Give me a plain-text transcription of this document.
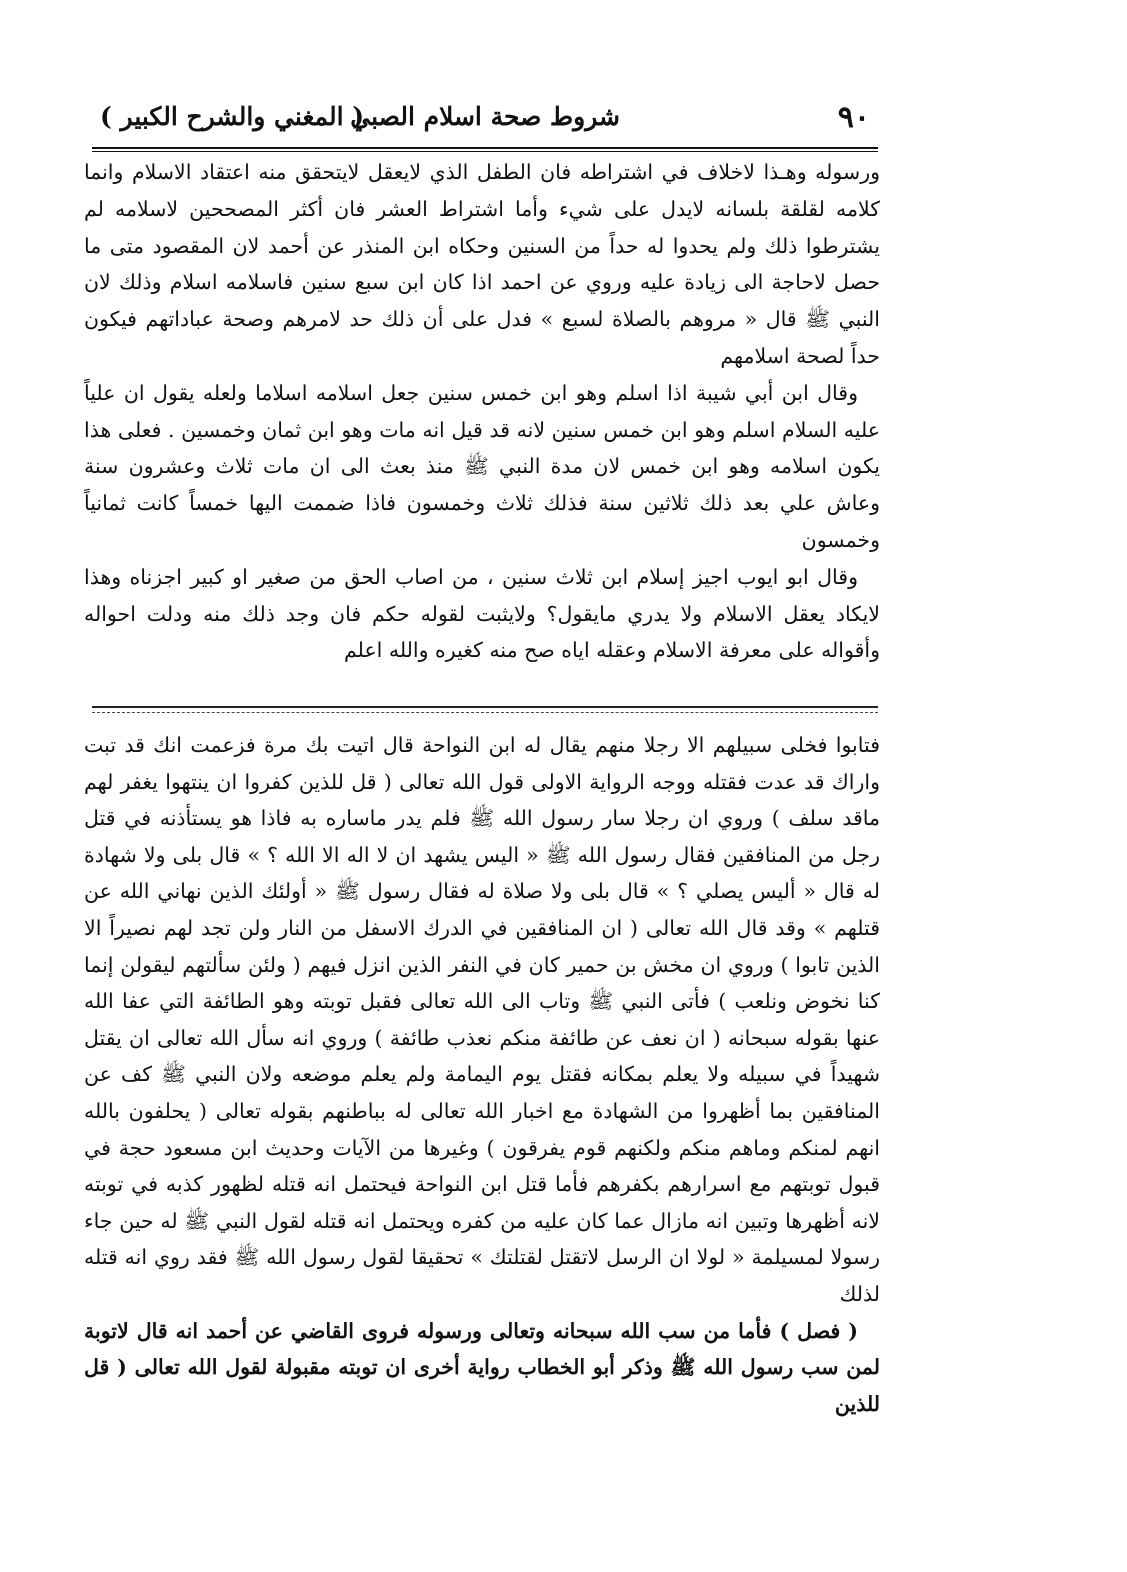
٩٠
شروط صحة اسلام الصبي
( المغني والشرح الكبير )

ورسوله وهـذا لاخلاف في اشتراطه فان الطفل الذي لايعقل لايتحقق منه اعتقاد الاسلام وانما كلامه لقلقة بلسانه لايدل على شيء وأما اشتراط العشر فان أكثر المصححين لاسلامه لم يشترطوا ذلك ولم يحدوا له حداً من السنين وحكاه ابن المنذر عن أحمد لان المقصود متى ما حصل لاحاجة الى زيادة عليه وروي عن احمد اذا كان ابن سبع سنين فاسلامه اسلام وذلك لان النبي ﷺ قال « مروهم بالصلاة لسبع » فدل على أن ذلك حد لامرهم وصحة عباداتهم فيكون حداً لصحة اسلامهم

وقال ابن أبي شيبة اذا اسلم وهو ابن خمس سنين جعل اسلامه اسلاما ولعله يقول ان علياً عليه السلام اسلم وهو ابن خمس سنين لانه قد قيل انه مات وهو ابن ثمان وخمسين . فعلى هذا يكون اسلامه وهو ابن خمس لان مدة النبي ﷺ منذ بعث الى ان مات ثلاث وعشرون سنة وعاش علي بعد ذلك ثلاثين سنة فذلك ثلاث وخمسون فاذا ضممت اليها خمساً كانت ثمانياً وخمسون

وقال ابو ايوب اجيز إسلام ابن ثلاث سنين ، من اصاب الحق من صغير او كبير اجزناه وهذا لايكاد يعقل الاسلام ولا يدري مايقول؟ ولايثبت لقوله حكم فان وجد ذلك منه ودلت احواله وأقواله على معرفة الاسلام وعقله اياه صح منه كغيره والله اعلم

فتابوا فخلى سبيلهم الا رجلا منهم يقال له ابن النواحة قال اتيت بك مرة فزعمت انك قد تبت واراك قد عدت فقتله ووجه الرواية الاولى قول الله تعالى ( قل للذين كفروا ان ينتهوا يغفر لهم ماقد سلف ) وروي ان رجلا سار رسول الله ﷺ فلم يدر ماساره به فاذا هو يستأذنه في قتل رجل من المنافقين فقال رسول الله ﷺ « اليس يشهد ان لا اله الا الله ؟ » قال بلى ولا شهادة له قال « أليس يصلي ؟ » قال بلى ولا صلاة له فقال رسول ﷺ « أولئك الذين نهاني الله عن قتلهم » وقد قال الله تعالى ( ان المنافقين في الدرك الاسفل من النار ولن تجد لهم نصيراً الا الذين تابوا ) وروي ان مخش بن حمير كان في النفر الذين انزل فيهم ( ولئن سألتهم ليقولن إنما كنا نخوض ونلعب ) فأتى النبي ﷺ وتاب الى الله تعالى فقبل توبته وهو الطائفة التي عفا الله عنها بقوله سبحانه ( ان نعف عن طائفة منكم نعذب طائفة ) وروي انه سأل الله تعالى ان يقتل شهيداً في سبيله ولا يعلم بمكانه فقتل يوم اليمامة ولم يعلم موضعه ولان النبي ﷺ كف عن المنافقين بما أظهروا من الشهادة مع اخبار الله تعالى له بباطنهم بقوله تعالى ( يحلفون بالله انهم لمنكم وماهم منكم ولكنهم قوم يفرقون ) وغيرها من الآيات وحديث ابن مسعود حجة في قبول توبتهم مع اسرارهم بكفرهم فأما قتل ابن النواحة فيحتمل انه قتله لظهور كذبه في توبته لانه أظهرها وتبين انه مازال عما كان عليه من كفره ويحتمل انه قتله لقول النبي ﷺ له حين جاء رسولا لمسيلمة « لولا ان الرسل لاتقتل لقتلتك » تحقيقا لقول رسول الله ﷺ فقد روي انه قتله لذلك

( فصل ) فأما من سب الله سبحانه وتعالى ورسوله فروى القاضي عن أحمد انه قال لاتوبة لمن سب رسول الله ﷺ وذكر أبو الخطاب رواية أخرى ان توبته مقبولة لقول الله تعالى ( قل للذين
